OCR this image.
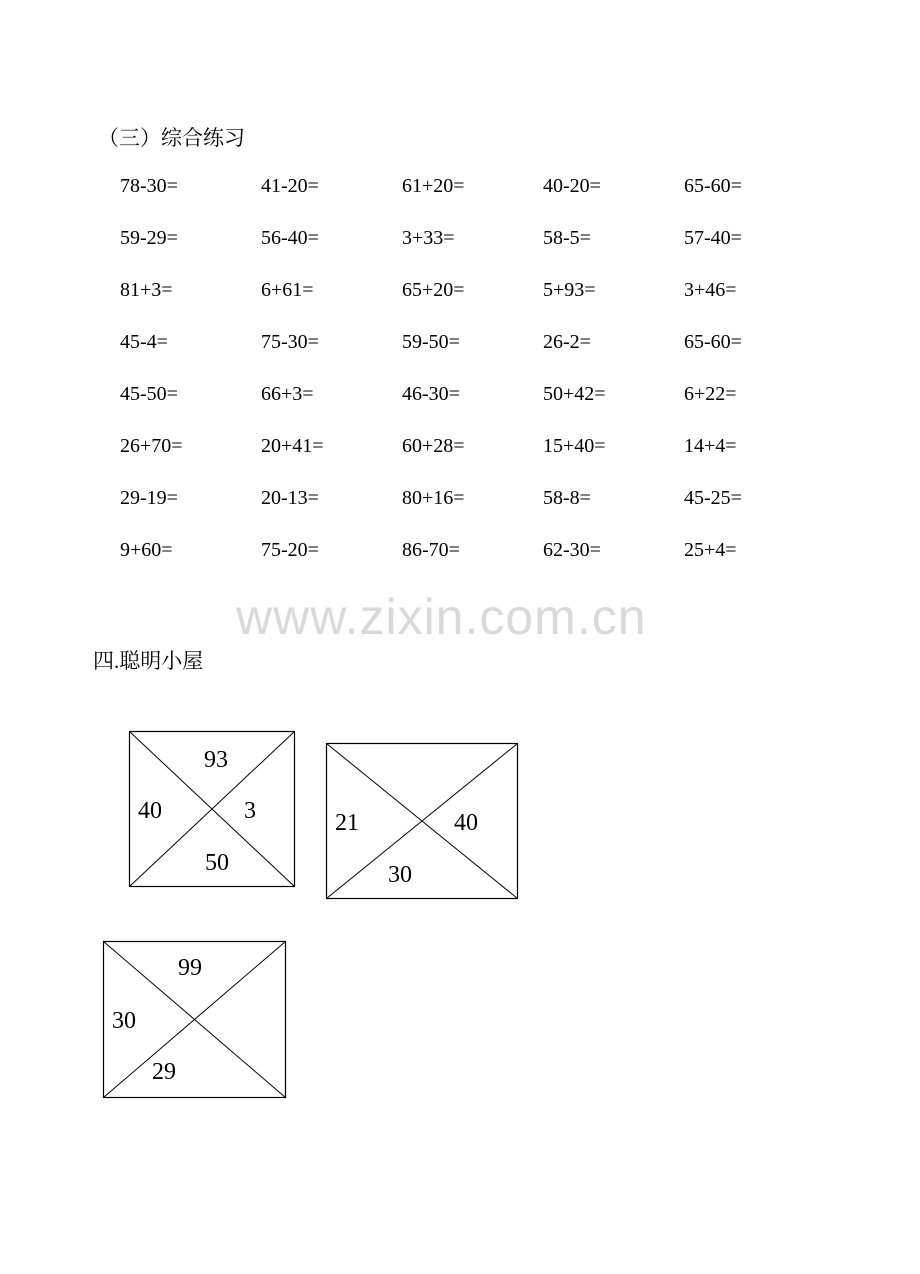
（三）综合练习
78-30=	41-20=	61+20=	40-20=	65-60=
59-29=	56-40=	3+33=	58-5=	57-40=
81+3=	6+61=	65+20=	5+93=	3+46=
45-4=	75-30=	59-50=	26-2=	65-60=
45-50=	66+3=	46-30=	50+42=	6+22=
26+70=	20+41=	60+28=	15+40=	14+4=
29-19=	20-13=	80+16=	58-8=	45-25=
9+60=	75-20=	86-70=	62-30=	25+4=
www.zixin.com.cn
四.聪明小屋
93
40	3
50
21	40
30
99
30
29
